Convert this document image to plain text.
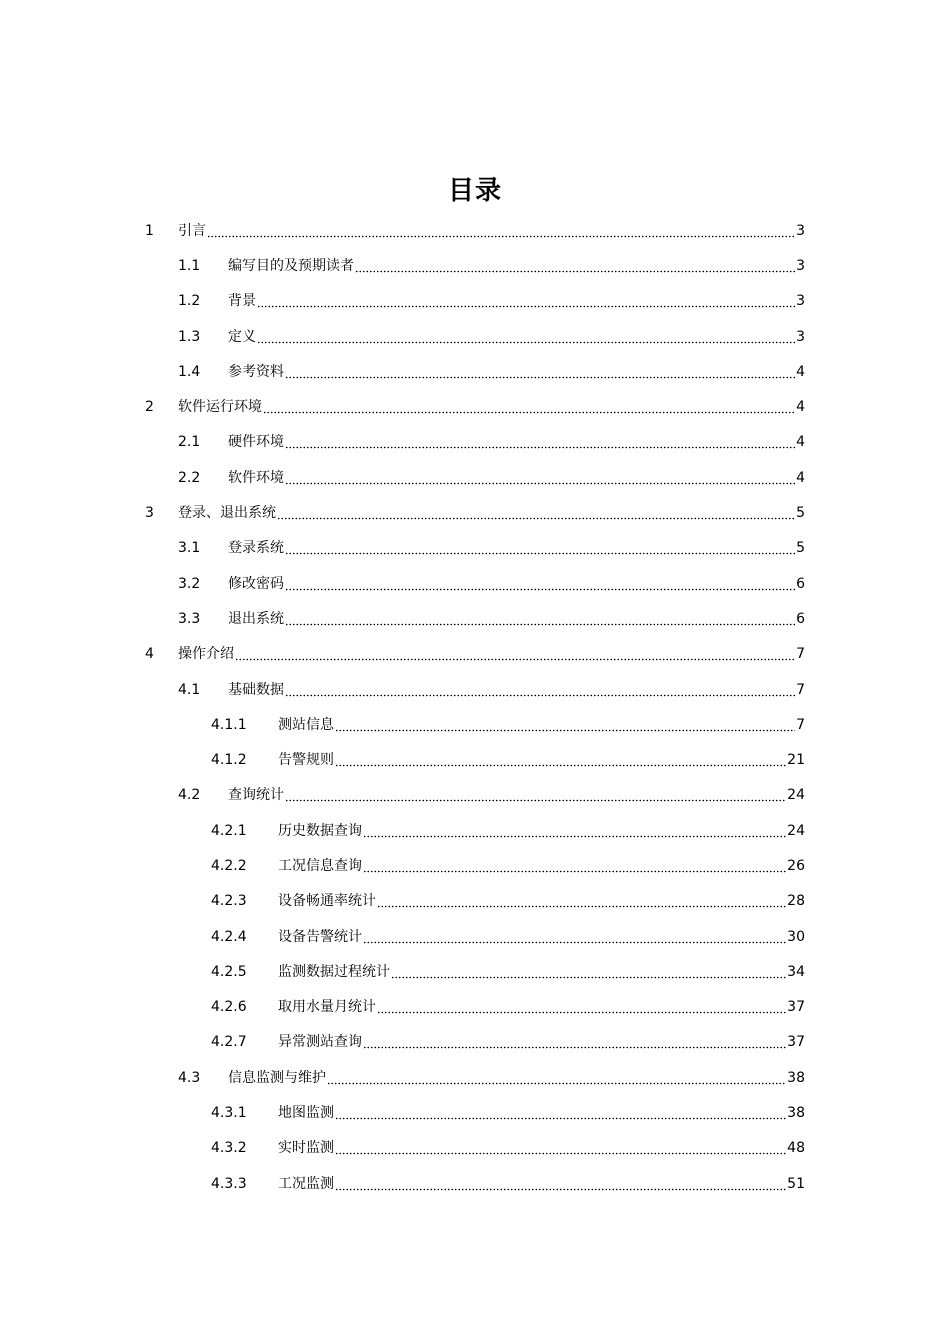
目录
1	引言	3
1.1	编写目的及预期读者	3
1.2	背景	3
1.3	定义	3
1.4	参考资料	4
2	软件运行环境	4
2.1	硬件环境	4
2.2	软件环境	4
3	登录、退出系统	5
3.1	登录系统	5
3.2	修改密码	6
3.3	退出系统	6
4	操作介绍	7
4.1	基础数据	7
4.1.1	测站信息	7
4.1.2	告警规则	21
4.2	查询统计	24
4.2.1	历史数据查询	24
4.2.2	工况信息查询	26
4.2.3	设备畅通率统计	28
4.2.4	设备告警统计	30
4.2.5	监测数据过程统计	34
4.2.6	取用水量月统计	37
4.2.7	异常测站查询	37
4.3	信息监测与维护	38
4.3.1	地图监测	38
4.3.2	实时监测	48
4.3.3	工况监测	51
